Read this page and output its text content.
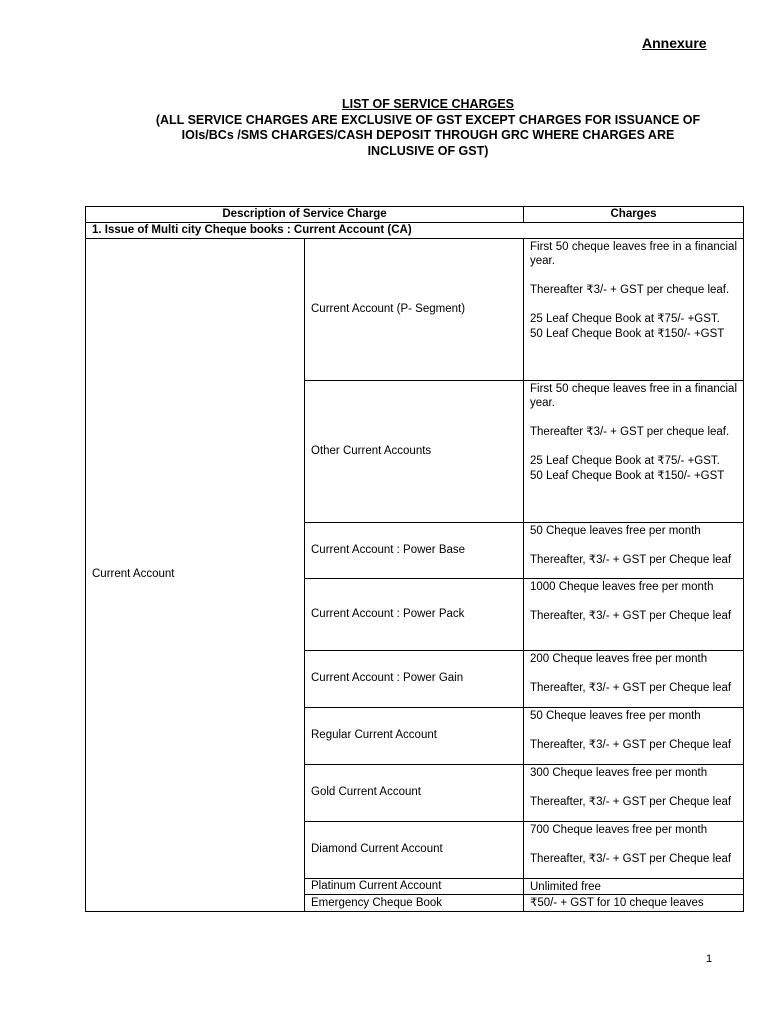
Annexure
LIST OF SERVICE CHARGES
(ALL SERVICE CHARGES ARE EXCLUSIVE OF GST EXCEPT CHARGES FOR ISSUANCE OF
IOIs/BCs /SMS CHARGES/CASH DEPOSIT THROUGH GRC WHERE CHARGES ARE
INCLUSIVE OF GST)
Description of Service Charge		Charges
1. Issue of Multi city Cheque books : Current Account (CA)		
Current Account	Current Account (P- Segment)	First 50 cheque leaves free in a financial year.

Thereafter ₹3/- + GST per cheque leaf.

25 Leaf Cheque Book at ₹75/- +GST.

50 Leaf Cheque Book at ₹150/- +GST

	Other Current Accounts	First 50 cheque leaves free in a financial year.

Thereafter ₹3/- + GST per cheque leaf.

25 Leaf Cheque Book at ₹75/- +GST.

50 Leaf Cheque Book at ₹150/- +GST

	Current Account : Power Base	50 Cheque leaves free per month

Thereafter, ₹3/- + GST per Cheque leaf

	Current Account : Power Pack	1000 Cheque leaves free per month

Thereafter, ₹3/- + GST per Cheque leaf

	Current Account : Power Gain	200 Cheque leaves free per month

Thereafter, ₹3/- + GST per Cheque leaf

	Regular Current Account	50 Cheque leaves free per month

Thereafter, ₹3/- + GST per Cheque leaf

	Gold Current Account	300 Cheque leaves free per month

Thereafter, ₹3/- + GST per Cheque leaf

	Diamond Current Account	700 Cheque leaves free per month

Thereafter, ₹3/- + GST per Cheque leaf

	Platinum Current Account	Unlimited free

	Emergency Cheque Book	₹50/- + GST for 10 cheque leaves

1
